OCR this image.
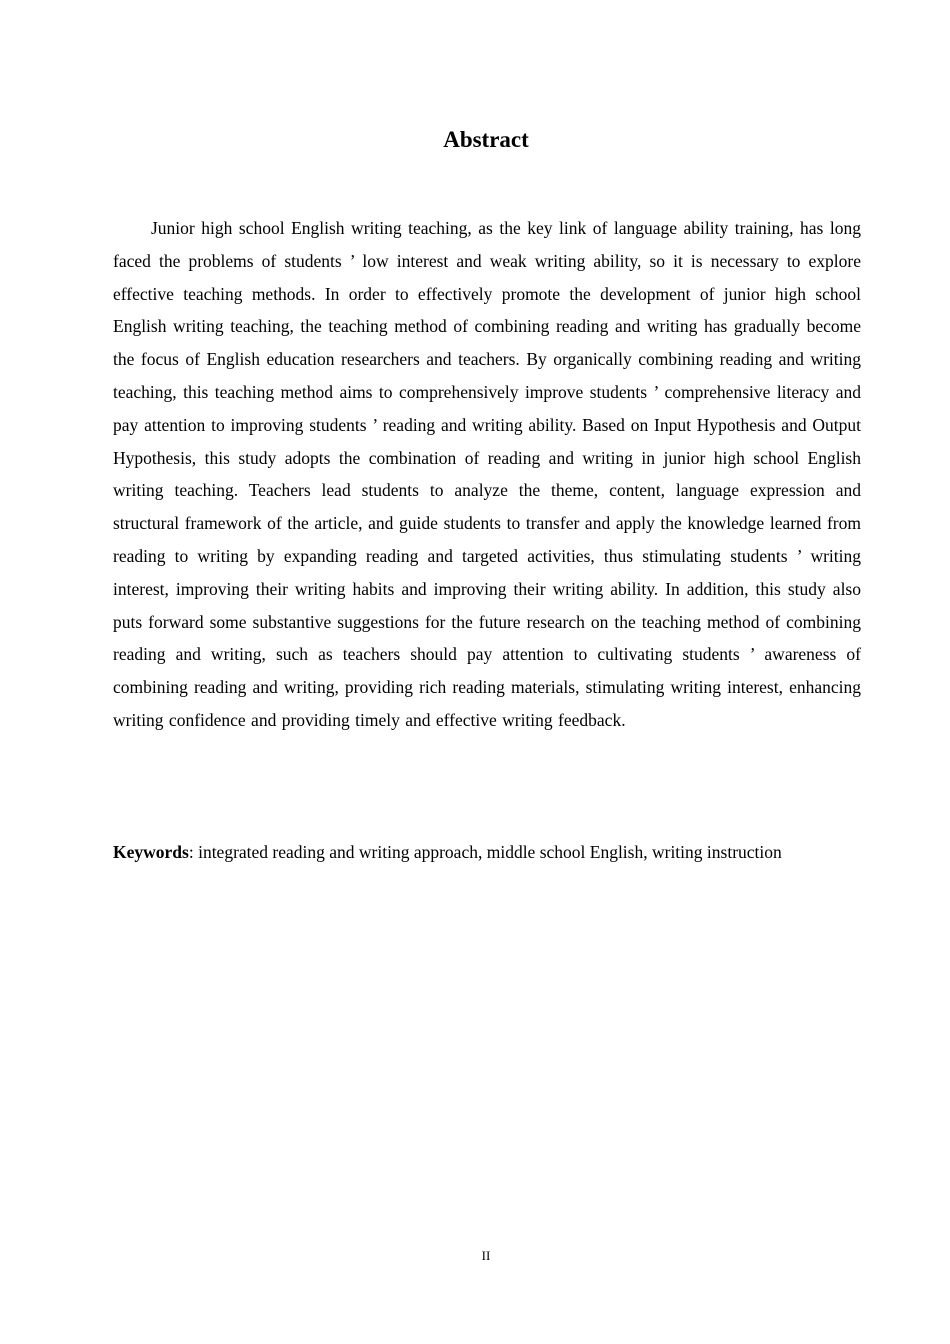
Abstract

Junior high school English writing teaching, as the key link of language ability training, has long faced the problems of students ’ low interest and weak writing ability, so it is necessary to explore effective teaching methods. In order to effectively promote the development of junior high school English writing teaching, the teaching method of combining reading and writing has gradually become the focus of English education researchers and teachers. By organically combining reading and writing teaching, this teaching method aims to comprehensively improve students ’ comprehensive literacy and pay attention to improving students ’ reading and writing ability. Based on Input Hypothesis and Output Hypothesis, this study adopts the combination of reading and writing in junior high school English writing teaching. Teachers lead students to analyze the theme, content, language expression and structural framework of the article, and guide students to transfer and apply the knowledge learned from reading to writing by expanding reading and targeted activities, thus stimulating students ’ writing interest, improving their writing habits and improving their writing ability. In addition, this study also puts forward some substantive suggestions for the future research on the teaching method of combining reading and writing, such as teachers should pay attention to cultivating students ’ awareness of combining reading and writing, providing rich reading materials, stimulating writing interest, enhancing writing confidence and providing timely and effective writing feedback.

Keywords: integrated reading and writing approach, middle school English, writing instruction

II
